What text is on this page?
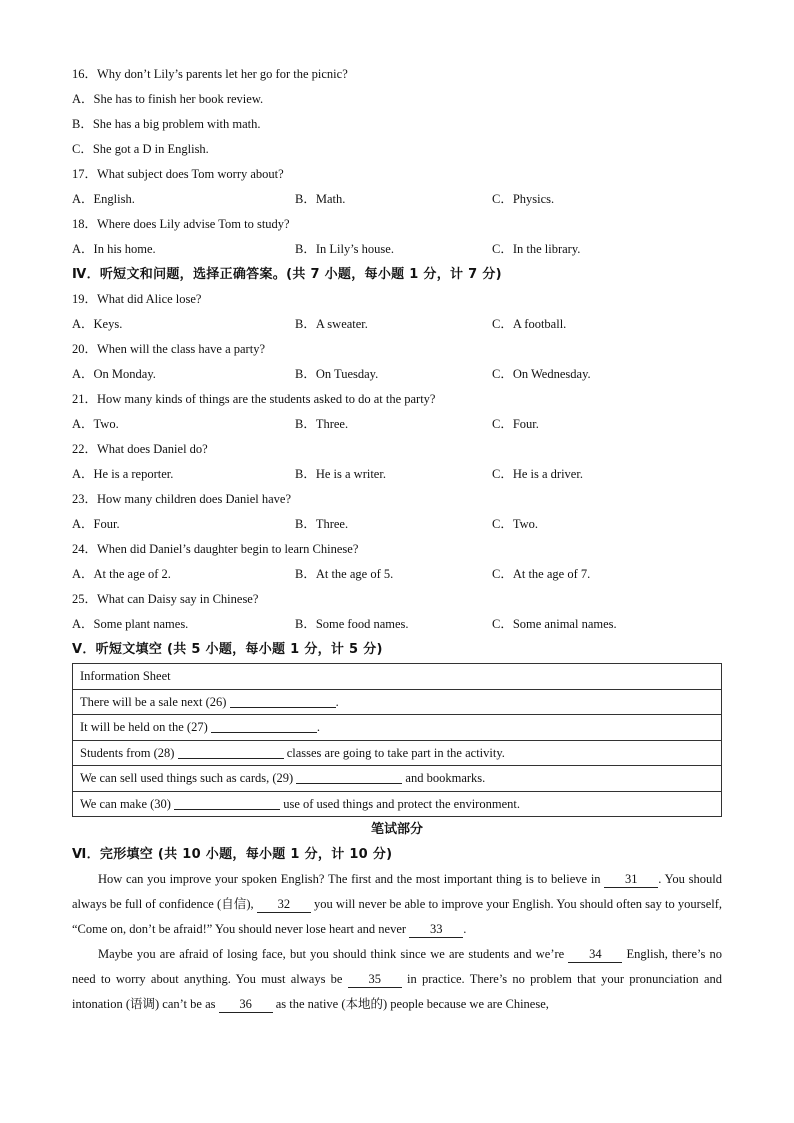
16．Why don’t Lily’s parents let her go for the picnic?
A．She has to finish her book review.
B．She has a big problem with math.
C．She got a D in English.
17．What subject does Tom worry about?
A．English.	B．Math.	C．Physics.
18．Where does Lily advise Tom to study?
A．In his home.	B．In Lily’s house.	C．In the library.
Ⅳ．听短文和问题，选择正确答案。(共 7 小题，每小题 1 分，计 7 分)
19．What did Alice lose?
A．Keys.	B．A sweater.	C．A football.
20．When will the class have a party?
A．On Monday.	B．On Tuesday.	C．On Wednesday.
21．How many kinds of things are the students asked to do at the party?
A．Two.	B．Three.	C．Four.
22．What does Daniel do?
A．He is a reporter.	B．He is a writer.	C．He is a driver.
23．How many children does Daniel have?
A．Four.	B．Three.	C．Two.
24．When did Daniel’s daughter begin to learn Chinese?
A．At the age of 2.	B．At the age of 5.	C．At the age of 7.
25．What can Daisy say in Chinese?
A．Some plant names.	B．Some food names.	C．Some animal names.
Ⅴ．听短文填空 (共 5 小题，每小题 1 分，计 5 分)
Information Sheet
There will be a sale next (26)	.
It will be held on the (27)	.
Students from (28)	classes are going to take part in the activity.
We can sell used things such as cards, (29)	and bookmarks.
We can make (30)	use of used things and protect the environment.
笔试部分
Ⅵ．完形填空 (共 10 小题，每小题 1 分，计 10 分)
How can you improve your spoken English? The first and the most important thing is to believe in 31 . You should always be full of confidence (自信), 32 you will never be able to improve your English. You should often say to yourself, “Come on, don’t be afraid!” You should never lose heart and never 33 .
Maybe you are afraid of losing face, but you should think since we are students and we’re 34 English, there’s no need to worry about anything. You must always be 35 in practice. There’s no problem that your pronunciation and intonation (语调) can’t be as 36 as the native (本地的) people because we are Chinese,
